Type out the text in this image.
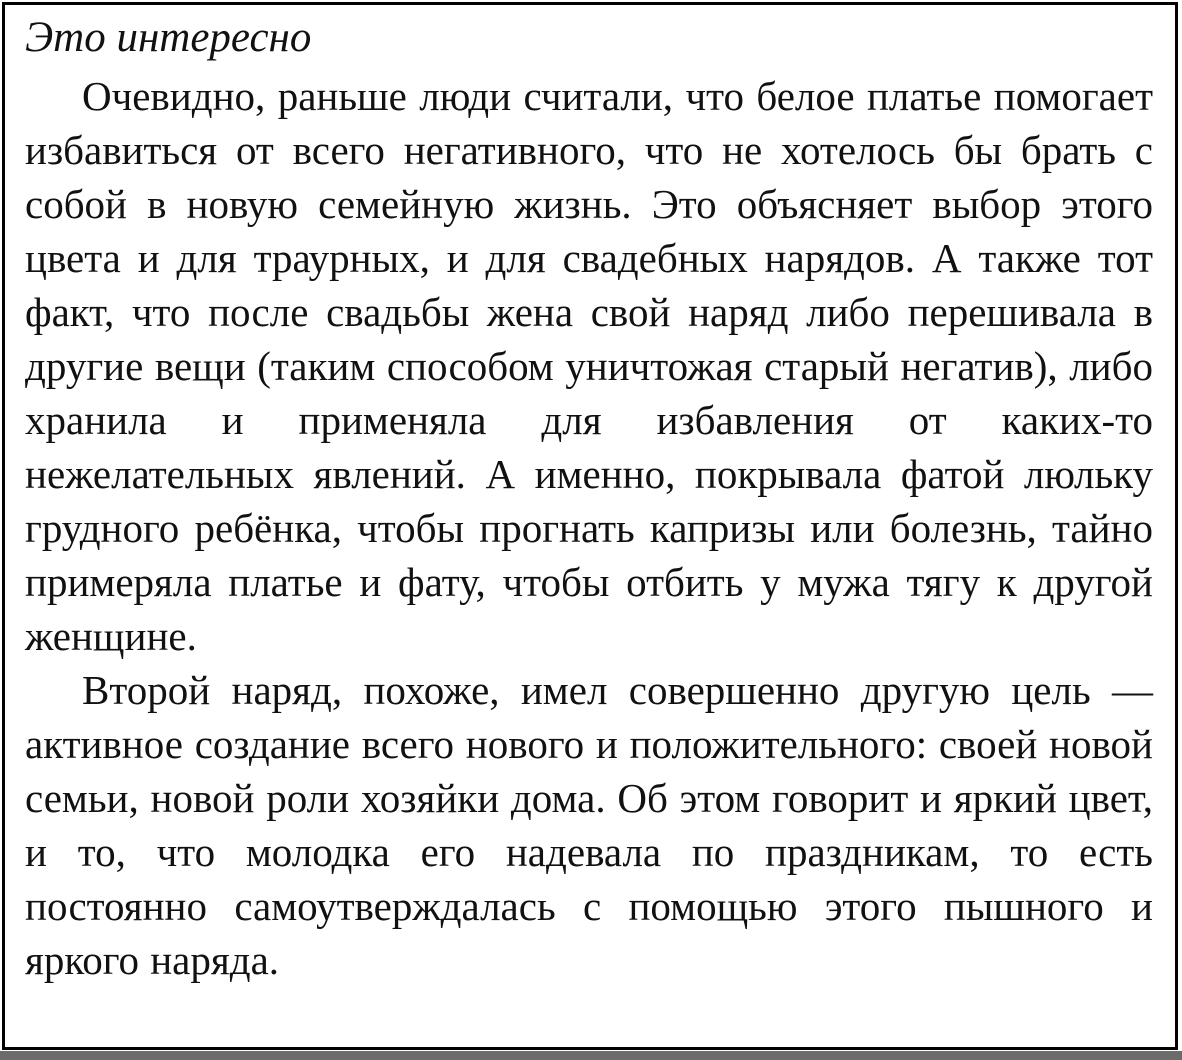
Это интересно

Очевидно, раньше люди считали, что белое платье помогает избавиться от всего негативного, что не хотелось бы брать с собой в новую семейную жизнь. Это объясняет выбор этого цвета и для траурных, и для свадебных нарядов. А также тот факт, что после свадьбы жена свой наряд либо перешивала в другие вещи (таким способом уничтожая старый негатив), либо хранила и применяла для избавления от каких-то нежелательных явлений. А именно, покрывала фатой люльку грудного ребёнка, чтобы прогнать капризы или болезнь, тайно примеряла платье и фату, чтобы отбить у мужа тягу к другой женщине.

Второй наряд, похоже, имел совершенно другую цель — активное создание всего нового и положительного: своей новой семьи, новой роли хозяйки дома. Об этом говорит и яркий цвет, и то, что молодка его надевала по праздникам, то есть постоянно самоутверждалась с помощью этого пышного и яркого наряда.
